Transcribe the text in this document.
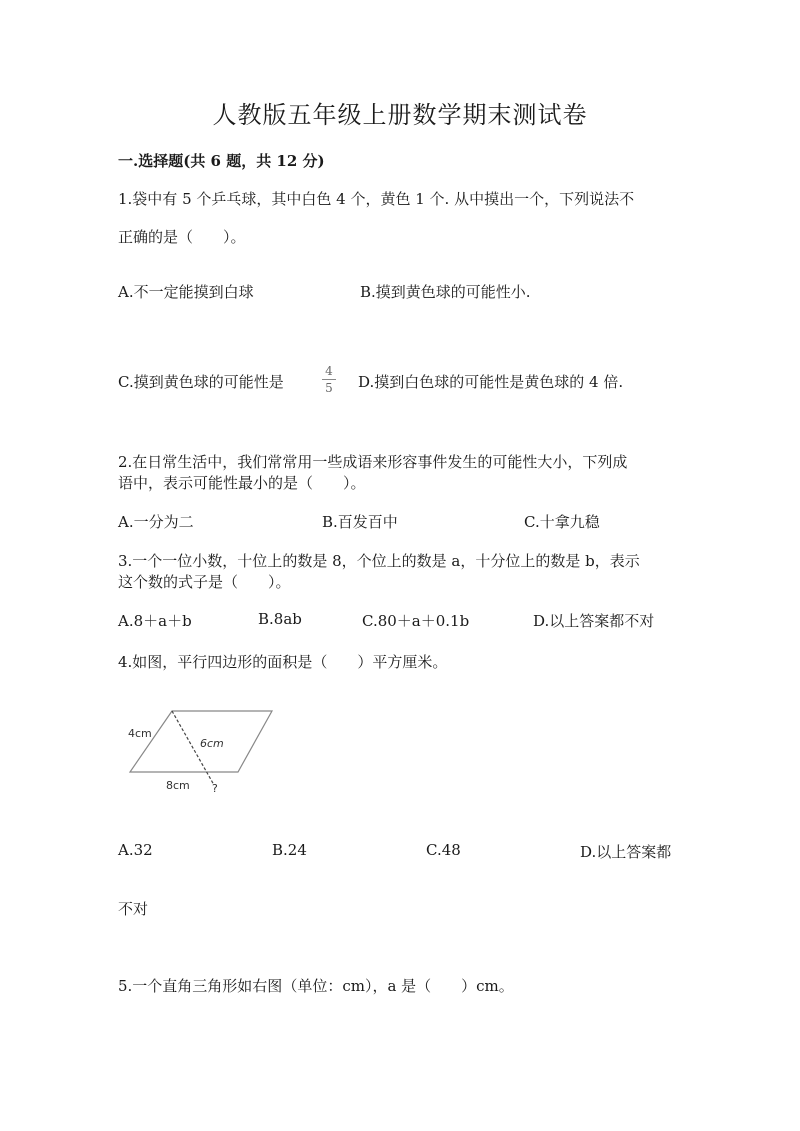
人教版五年级上册数学期末测试卷
一.选择题(共 6 题，共 12 分)
1.袋中有 5 个乒乓球，其中白色 4 个，黄色 1 个. 从中摸出一个，下列说法不
正确的是（　　）。
A.不一定能摸到白球	B.摸到黄色球的可能性小.
C.摸到黄色球的可能性是
4
5 D.摸到白色球的可能性是黄色球的 4 倍.
2.在日常生活中，我们常常用一些成语来形容事件发生的可能性大小，下列成
语中，表示可能性最小的是（　　）。
A.一分为二	B.百发百中	C.十拿九稳
3.一个一位小数，十位上的数是 8，个位上的数是 a，十分位上的数是 b，表示
这个数的式子是（　　）。
A.8＋a＋b	B.8ab	C.80＋a＋0.1b	D.以上答案都不对
4.如图，平行四边形的面积是（　　）平方厘米。
4cm
6cm
8cm ?
A.32	B.24	C.48	D.以上答案都
不对
5.一个直角三角形如右图（单位：cm），a 是（　　）cm。
